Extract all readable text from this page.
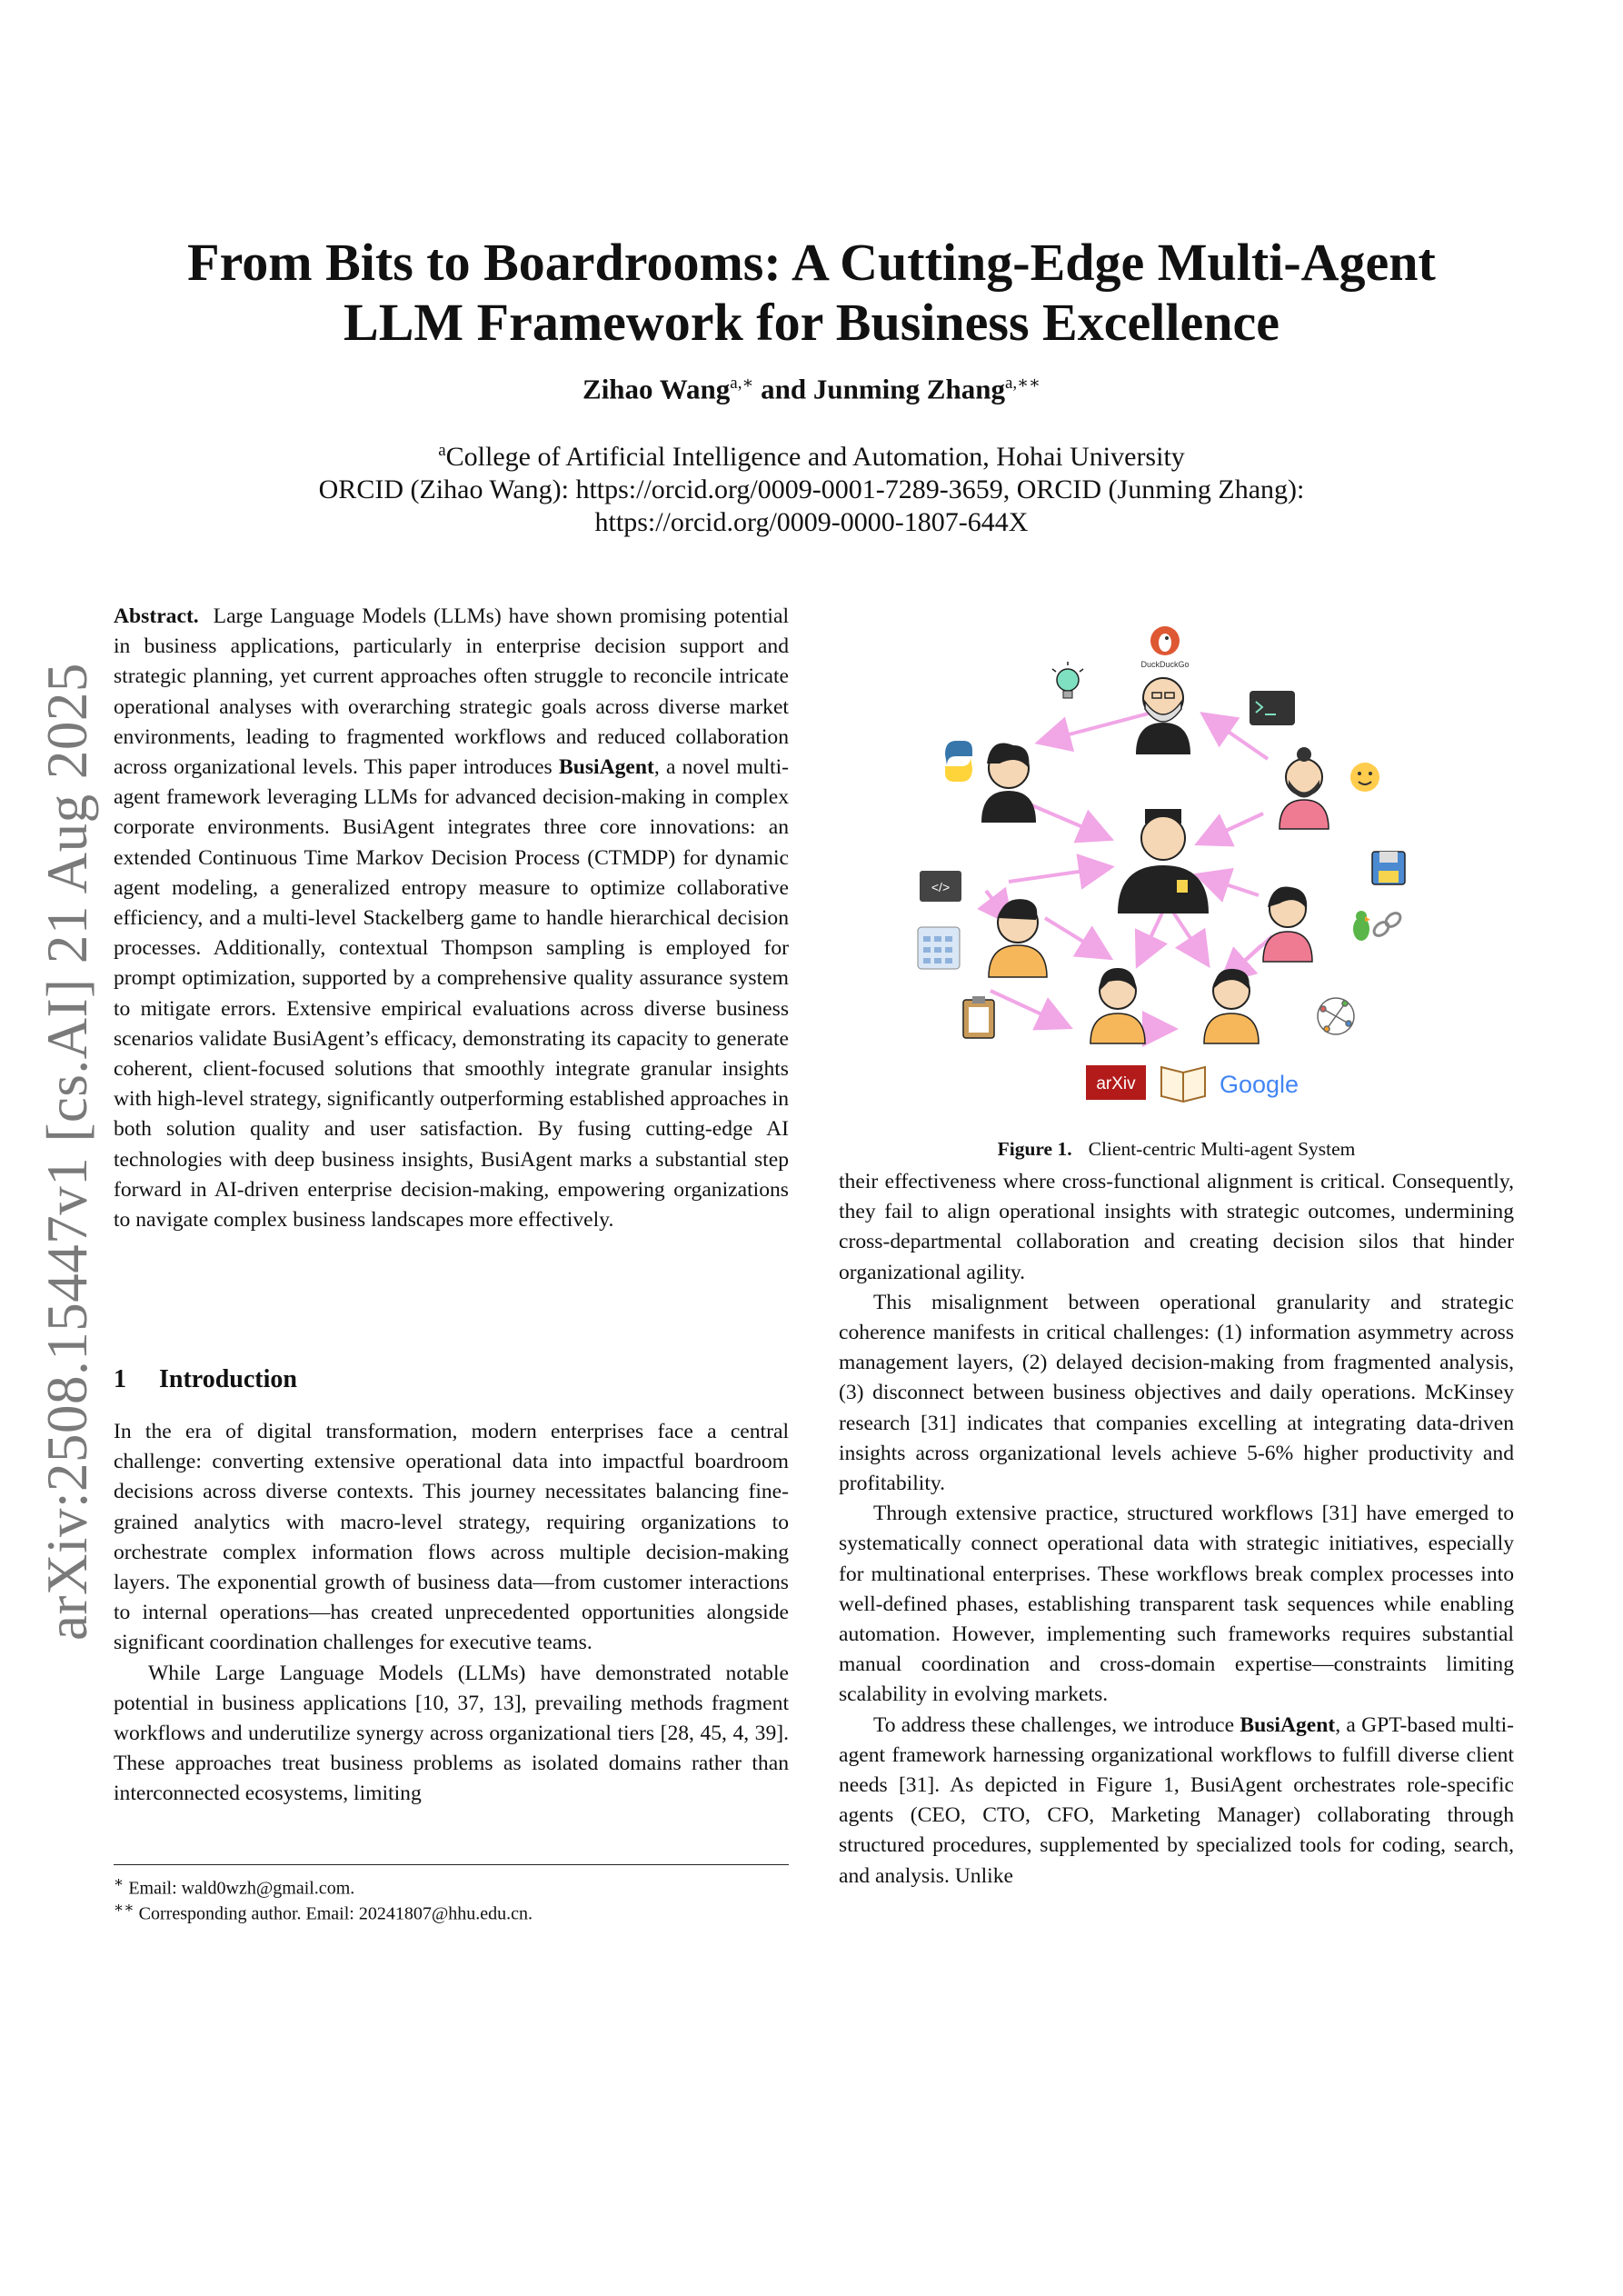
arXiv:2508.15447v1 [cs.AI] 21 Aug 2025
From Bits to Boardrooms: A Cutting-Edge Multi-Agent
LLM Framework for Business Excellence
Zihao Wang$^{a,∗}$ and Junming Zhang$^{a,∗∗}$
$^a$College of Artificial Intelligence and Automation, Hohai University
ORCID (Zihao Wang): https://orcid.org/0009-0001-7289-3659, ORCID (Junming Zhang):
https://orcid.org/0009-0000-1807-644X

Abstract. Large Language Models (LLMs) have shown promising potential in business applications, particularly in enterprise decision support and strategic planning, yet current approaches often struggle to reconcile intricate operational analyses with overarching strategic goals across diverse market environments, leading to fragmented workflows and reduced collaboration across organizational levels. This paper introduces BusiAgent, a novel multi-agent framework leveraging LLMs for advanced decision-making in complex corporate environments. BusiAgent integrates three core innovations: an extended Continuous Time Markov Decision Process (CTMDP) for dynamic agent modeling, a generalized entropy measure to optimize collaborative efficiency, and a multi-level Stackelberg game to handle hierarchical decision processes. Additionally, contextual Thompson sampling is employed for prompt optimization, supported by a comprehensive quality assurance system to mitigate errors. Extensive empirical evaluations across diverse business scenarios validate BusiAgent’s efficacy, demonstrating its capacity to generate coherent, client-focused solutions that smoothly integrate granular insights with high-level strategy, significantly outperforming established approaches in both solution quality and user satisfaction. By fusing cutting-edge AI technologies with deep business insights, BusiAgent marks a substantial step forward in AI-driven enterprise decision-making, empowering organizations to navigate complex business landscapes more effectively.

1 Introduction

In the era of digital transformation, modern enterprises face a central challenge: converting extensive operational data into impactful boardroom decisions across diverse contexts. This journey necessitates balancing fine-grained analytics with macro-level strategy, requiring organizations to orchestrate complex information flows across multiple decision-making layers. The exponential growth of business data—from customer interactions to internal operations—has created unprecedented opportunities alongside significant coordination challenges for executive teams.

While Large Language Models (LLMs) have demonstrated notable potential in business applications [10, 37, 13], prevailing methods fragment workflows and underutilize synergy across organizational tiers [28, 45, 4, 39]. These approaches treat business problems as isolated domains rather than interconnected ecosystems, limiting

∗ Email: wald0wzh@gmail.com.
∗∗ Corresponding author. Email: 20241807@hhu.edu.cn.
DuckDuckGo
</>
arXiv	Google
Figure 1. Client-centric Multi-agent System

their effectiveness where cross-functional alignment is critical. Consequently, they fail to align operational insights with strategic outcomes, undermining cross-departmental collaboration and creating decision silos that hinder organizational agility.

This misalignment between operational granularity and strategic coherence manifests in critical challenges: (1) information asymmetry across management layers, (2) delayed decision-making from fragmented analysis, (3) disconnect between business objectives and daily operations. McKinsey research [31] indicates that companies excelling at integrating data-driven insights across organizational levels achieve 5-6% higher productivity and profitability.

Through extensive practice, structured workflows [31] have emerged to systematically connect operational data with strategic initiatives, especially for multinational enterprises. These workflows break complex processes into well-defined phases, establishing transparent task sequences while enabling automation. However, implementing such frameworks requires substantial manual coordination and cross-domain expertise—constraints limiting scalability in evolving markets.

To address these challenges, we introduce BusiAgent, a GPT-based multi-agent framework harnessing organizational workflows to fulfill diverse client needs [31]. As depicted in Figure 1, BusiAgent orchestrates role-specific agents (CEO, CTO, CFO, Marketing Manager) collaborating through structured procedures, supplemented by specialized tools for coding, search, and analysis. Unlike
